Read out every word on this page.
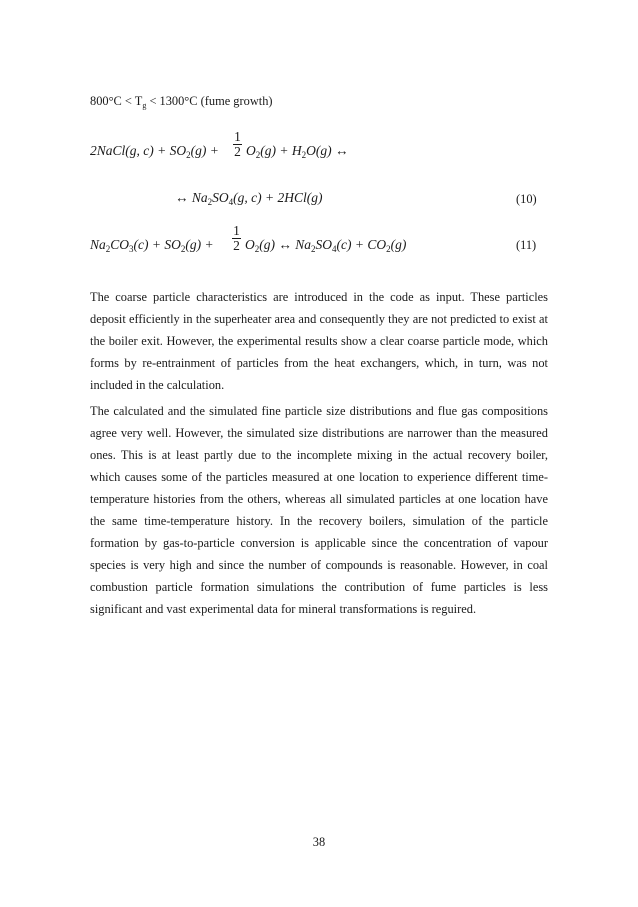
$800^\circ C < T_g < 1300^\circ C$ (fume growth)
2NaCl(g, $c) + SO_2(g)$ +
1
2 $O_2(g) + H_2O(g)$ ↔
↔ $Na_2SO_4(g$, c) + 2HCl(g)	(10)
$Na_2CO_3(c) + SO_2(g)$ +
1
2 $O_2(g)$ ↔ $Na_2SO_4(c) + CO_2(g)$	(11)

The coarse particle characteristics are introduced in the code as input. These particles deposit efficiently in the superheater area and consequently they are not predicted to exist at the boiler exit. However, the experimental results show a clear coarse particle mode, which forms by re-entrainment of particles from the heat exchangers, which, in turn, was not included in the calculation.

The calculated and the simulated fine particle size distributions and flue gas compositions agree very well. However, the simulated size distributions are narrower than the measured ones. This is at least partly due to the incomplete mixing in the actual recovery boiler, which causes some of the particles measured at one location to experience different time-temperature histories from the others, whereas all simulated particles at one location have the same time-temperature history. In the recovery boilers, simulation of the particle formation by gas-to-particle conversion is applicable since the concentration of vapour species is very high and since the number of compounds is reasonable. However, in coal combustion particle formation simulations the contribution of fume particles is less significant and vast experimental data for mineral transformations is reguired.

38
